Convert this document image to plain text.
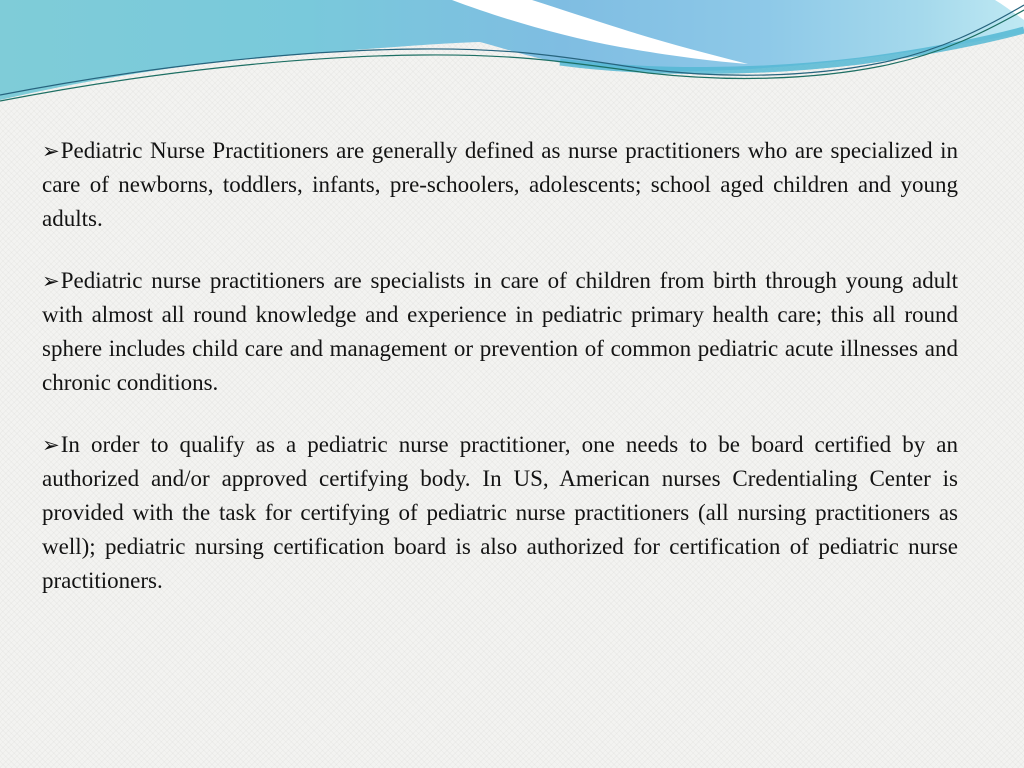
➢Pediatric Nurse Practitioners are generally defined as nurse practitioners who are specialized in care of newborns, toddlers, infants, pre-schoolers, adolescents; school aged children and young adults.

➢Pediatric nurse practitioners are specialists in care of children from birth through young adult with almost all round knowledge and experience in pediatric primary health care; this all round sphere includes child care and management or prevention of common pediatric acute illnesses and chronic conditions.

➢In order to qualify as a pediatric nurse practitioner, one needs to be board certified by an authorized and/or approved certifying body. In US, American nurses Credentialing Center is provided with the task for certifying of pediatric nurse practitioners (all nursing practitioners as well); pediatric nursing certification board is also authorized for certification of pediatric nurse practitioners.
